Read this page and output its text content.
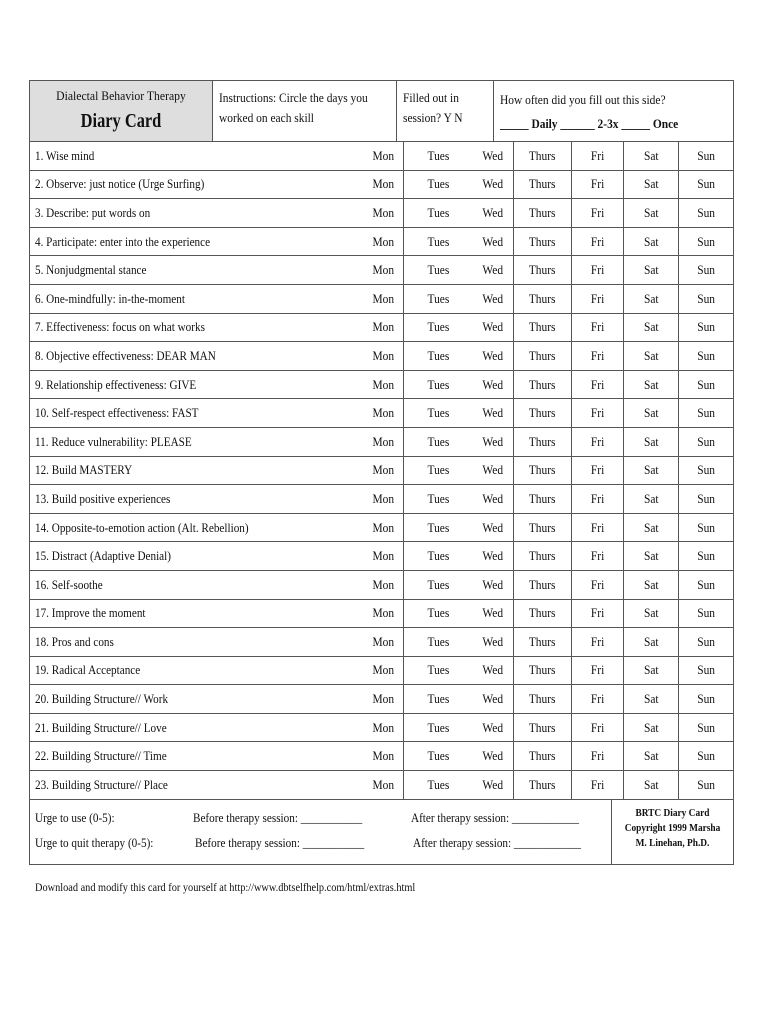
Dialectal Behavior Therapy
Diary Card
Instructions: Circle the days you
worked on each skill
Filled out in
session? Y N
How often did you fill out this side?
_____ Daily ______ 2-3x _____ Once
1. Wise mind	Mon	Tues	Wed Thurs	Fri	Sat	Sun
2. Observe: just notice (Urge Surfing)	Mon	Tues	Wed Thurs	Fri	Sat	Sun
3. Describe: put words on	Mon	Tues	Wed Thurs	Fri	Sat	Sun
4. Participate: enter into the experience	Mon	Tues	Wed Thurs	Fri	Sat	Sun
5. Nonjudgmental stance	Mon	Tues	Wed Thurs	Fri	Sat	Sun
6. One-mindfully: in-the-moment	Mon	Tues	Wed Thurs	Fri	Sat	Sun
7. Effectiveness: focus on what works	Mon	Tues	Wed Thurs	Fri	Sat	Sun
8. Objective effectiveness: DEAR MAN	Mon	Tues	Wed Thurs	Fri	Sat	Sun
9. Relationship effectiveness: GIVE	Mon	Tues	Wed Thurs	Fri	Sat	Sun
10. Self-respect effectiveness: FAST	Mon	Tues	Wed Thurs	Fri	Sat	Sun
11. Reduce vulnerability: PLEASE	Mon	Tues	Wed Thurs	Fri	Sat	Sun
12. Build MASTERY	Mon	Tues	Wed Thurs	Fri	Sat	Sun
13. Build positive experiences	Mon	Tues	Wed Thurs	Fri	Sat	Sun
14. Opposite-to-emotion action (Alt. Rebellion)	Mon	Tues	Wed Thurs	Fri	Sat	Sun
15. Distract (Adaptive Denial)	Mon	Tues	Wed Thurs	Fri	Sat	Sun
16. Self-soothe	Mon	Tues	Wed Thurs	Fri	Sat	Sun
17. Improve the moment	Mon	Tues	Wed Thurs	Fri	Sat	Sun
18. Pros and cons	Mon	Tues	Wed Thurs	Fri	Sat	Sun
19. Radical Acceptance	Mon	Tues	Wed Thurs	Fri	Sat	Sun
20. Building Structure// Work	Mon	Tues	Wed Thurs	Fri	Sat	Sun
21. Building Structure// Love	Mon	Tues	Wed Thurs	Fri	Sat	Sun
22. Building Structure// Time	Mon	Tues	Wed Thurs	Fri	Sat	Sun
23. Building Structure// Place	Mon	Tues	Wed Thurs	Fri	Sat	Sun
Urge to use (0-5):	Before therapy session: ___________	After therapy session: ____________
Urge to quit therapy (0-5):	Before therapy session: ___________	After therapy session: ____________
BRTC Diary Card
Copyright 1999 Marsha
M. Linehan, Ph.D.
Download and modify this card for yourself at http://www.dbtselfhelp.com/html/extras.html
